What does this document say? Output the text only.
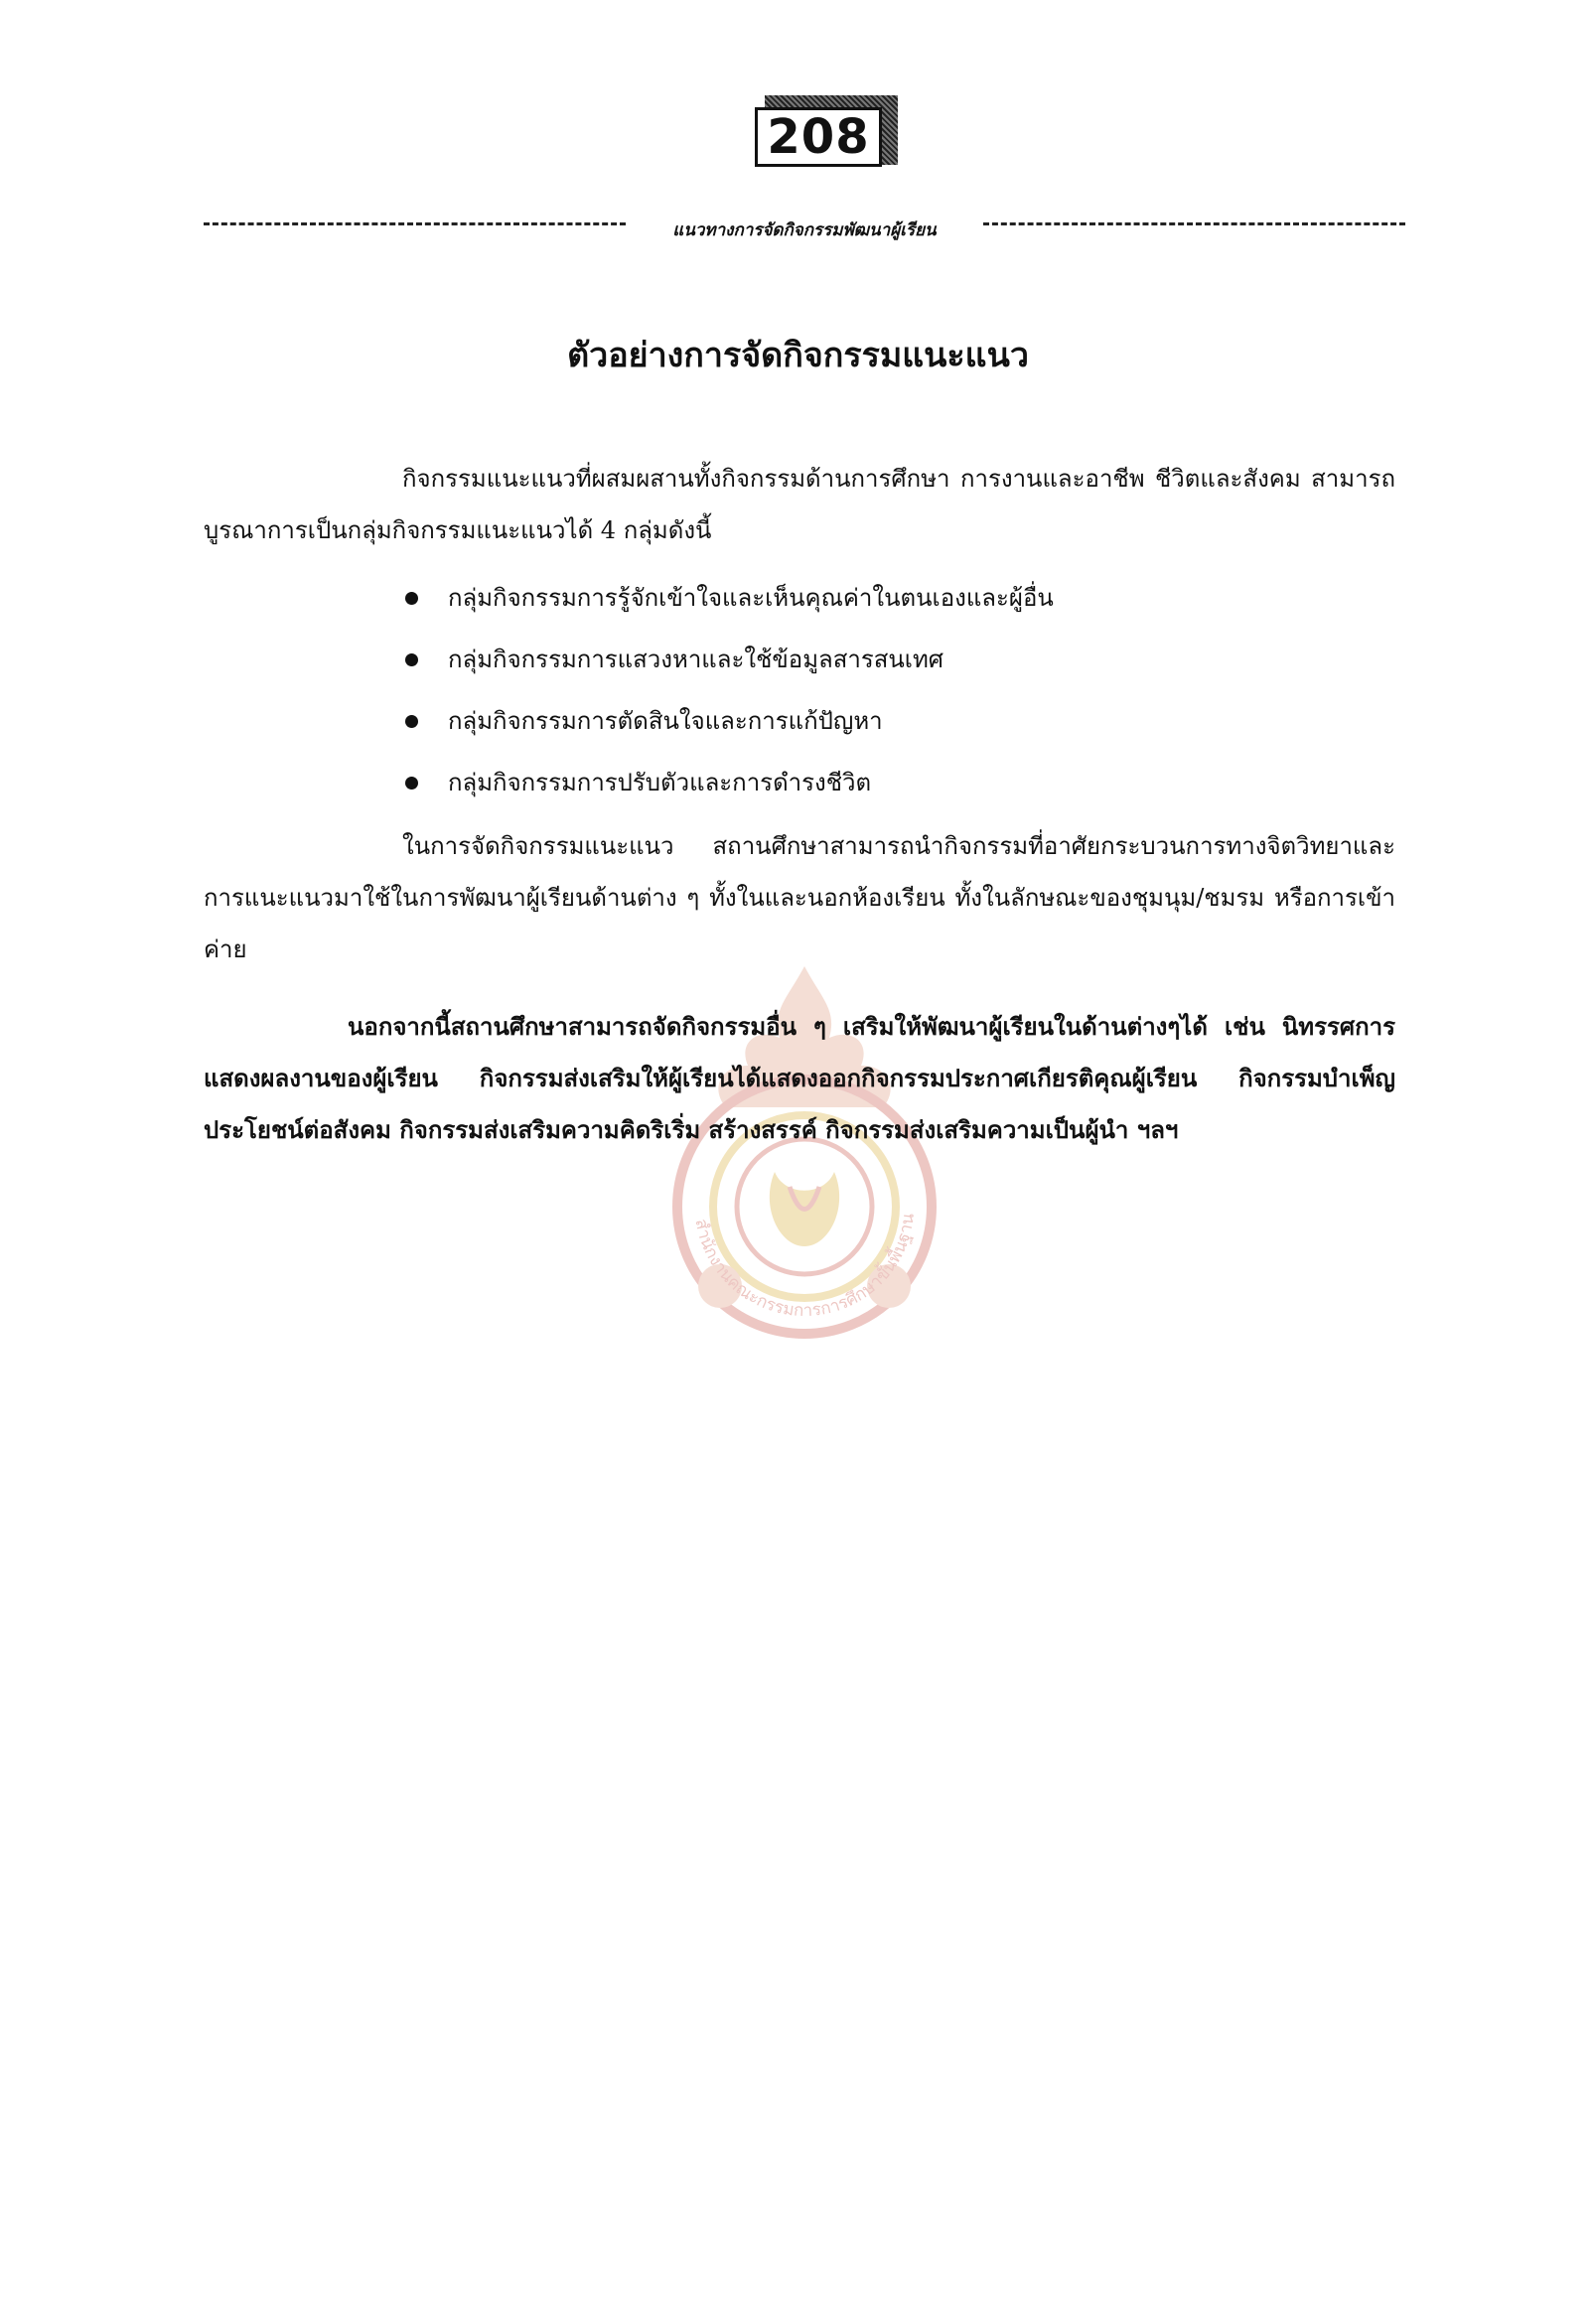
208
แนวทางการจัดกิจกรรมพัฒนาผู้เรียน
สำนักงานคณะกรรมการการศึกษาขั้นพื้นฐาน
ตัวอย่างการจัดกิจกรรมแนะแนว
กิจกรรมแนะแนวที่ผสมผสานทั้งกิจกรรมด้านการศึกษา การงานและอาชีพ ชีวิตและสังคม สามารถบูรณาการเป็นกลุ่มกิจกรรมแนะแนวได้ 4 กลุ่มดังนี้
กลุ่มกิจกรรมการรู้จักเข้าใจและเห็นคุณค่าในตนเองและผู้อื่น
กลุ่มกิจกรรมการแสวงหาและใช้ข้อมูลสารสนเทศ
กลุ่มกิจกรรมการตัดสินใจและการแก้ปัญหา
กลุ่มกิจกรรมการปรับตัวและการดำรงชีวิต
ในการจัดกิจกรรมแนะแนว สถานศึกษาสามารถนำกิจกรรมที่อาศัยกระบวนการทางจิตวิทยาและการแนะแนวมาใช้ในการพัฒนาผู้เรียนด้านต่าง ๆ ทั้งในและนอกห้องเรียน ทั้งในลักษณะของชุมนุม/ชมรม หรือการเข้าค่าย
นอกจากนี้สถานศึกษาสามารถจัดกิจกรรมอื่น ๆ เสริมให้พัฒนาผู้เรียนในด้านต่างๆได้ เช่น นิทรรศการแสดงผลงานของผู้เรียน กิจกรรมส่งเสริมให้ผู้เรียนได้แสดงออกกิจกรรมประกาศเกียรติคุณผู้เรียน กิจกรรมบำเพ็ญประโยชน์ต่อสังคม กิจกรรมส่งเสริมความคิดริเริ่ม สร้างสรรค์ กิจกรรมส่งเสริมความเป็นผู้นำ ฯลฯ
